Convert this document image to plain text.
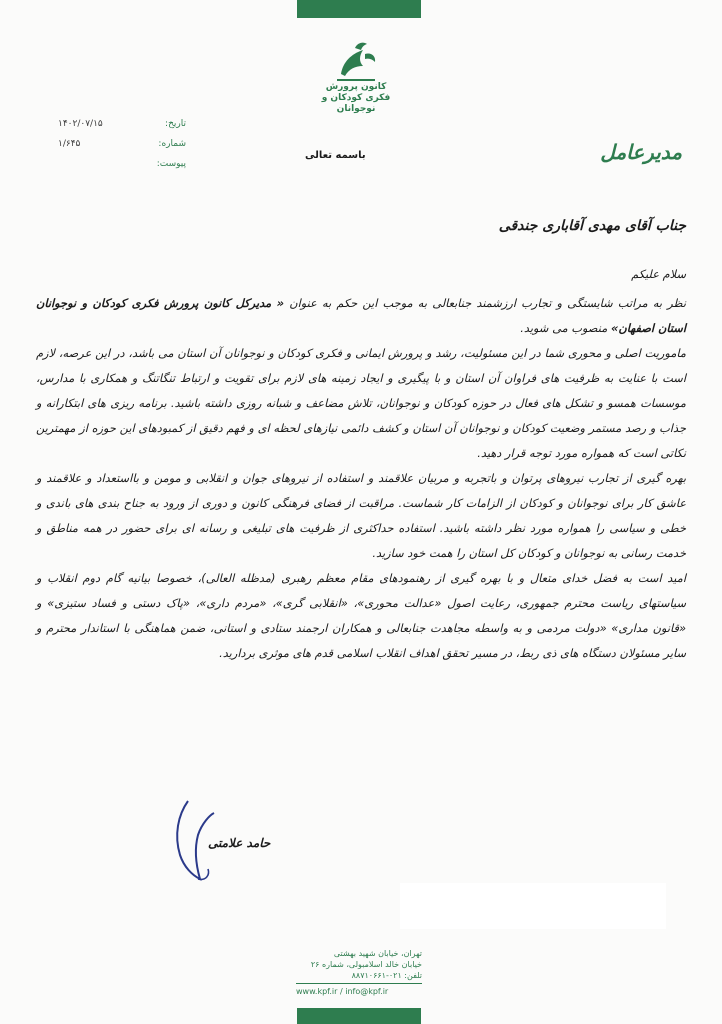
کانون پرورش فکری کودکان و نوجوانان
تاریخ:
۱۴۰۲/۰۷/۱۵
شماره:
۱/۶۴۵
پیوست:	مدیرعامل
باسمه تعالی
جناب آقای مهدی آقاباری جندقی

سلام علیکم

نظر به مراتب شایستگی و تجارب ارزشمند جنابعالی به موجب این حکم به عنوان « مدیرکل کانون پرورش فکری کودکان و نوجوانان استان اصفهان» منصوب می شوید.

ماموریت اصلی و محوری شما در این مسئولیت، رشد و پرورش ایمانی و فکری کودکان و نوجوانان آن استان می باشد، در این عرصه، لازم است با عنایت به ظرفیت های فراوان آن استان و با پیگیری و ایجاد زمینه های لازم برای تقویت و ارتباط تنگاتنگ و همکاری با مدارس، موسسات همسو و تشکل های فعال در حوزه کودکان و نوجوانان، تلاش مضاعف و شبانه روزی داشته باشید. برنامه ریزی های ابتکارانه و جذاب و رصد مستمر وضعیت کودکان و نوجوانان آن استان و کشف دائمی نیازهای لحظه ای و فهم دقیق از کمبودهای این حوزه از مهمترین نکاتی است که همواره مورد توجه قرار دهید.

بهره گیری از تجارب نیروهای پرتوان و باتجربه و مربیان علاقمند و استفاده از نیروهای جوان و انقلابی و مومن و بااستعداد و علاقمند و عاشق کار برای نوجوانان و کودکان از الزامات کار شماست. مراقبت از فضای فرهنگی کانون و دوری از ورود به جناح بندی های باندی و خطی و سیاسی را همواره مورد نظر داشته باشید. استفاده حداکثری از ظرفیت های تبلیغی و رسانه ای برای حضور در همه مناطق و خدمت رسانی به نوجوانان و کودکان کل استان را همت خود سازید.

امید است به فضل خدای متعال و با بهره گیری از رهنمودهای مقام معظم رهبری (مدظله العالی)، خصوصا بیانیه گام دوم انقلاب و سیاستهای ریاست محترم جمهوری، رعایت اصول «عدالت محوری»، «انقلابی گری»، «مردم داری»، «پاک دستی و فساد ستیزی» و «قانون مداری» «دولت مردمی و به واسطه مجاهدت جنابعالی و همکاران ارجمند ستادی و استانی، ضمن هماهنگی با استاندار محترم و سایر مسئولان دستگاه های ذی ربط، در مسیر تحقق اهداف انقلاب اسلامی قدم های موثری بردارید.

حامد علامتی
تهران، خیابان شهید بهشتی
خیابان خالد اسلامبولی، شماره ۲۶
تلفن: ۰۲۱-۸۸۷۱۰۶۶۱
www.kpf.ir / info@kpf.ir
